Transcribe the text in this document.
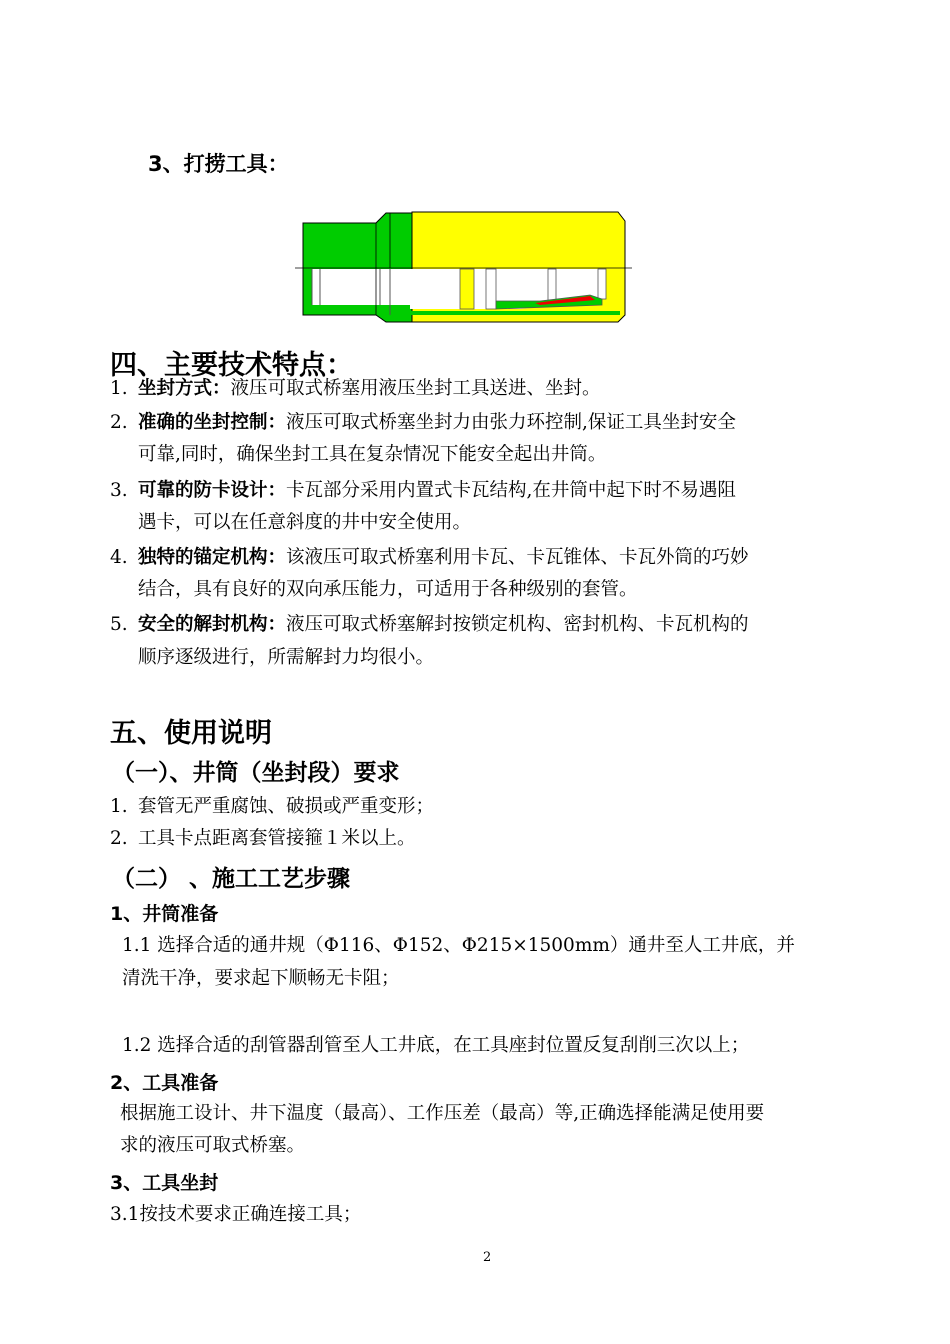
3、打捞工具：
四、主要技术特点：
1. 坐封方式：液压可取式桥塞用液压坐封工具送进、坐封。
2. 准确的坐封控制：液压可取式桥塞坐封力由张力环控制,保证工具坐封安全
可靠,同时，确保坐封工具在复杂情况下能安全起出井筒。
3. 可靠的防卡设计：卡瓦部分采用内置式卡瓦结构,在井筒中起下时不易遇阻
遇卡，可以在任意斜度的井中安全使用。
4. 独特的锚定机构：该液压可取式桥塞利用卡瓦、卡瓦锥体、卡瓦外筒的巧妙
结合，具有良好的双向承压能力，可适用于各种级别的套管。
5. 安全的解封机构：液压可取式桥塞解封按锁定机构、密封机构、卡瓦机构的
顺序逐级进行，所需解封力均很小。
五、使用说明
（一）、井筒（坐封段）要求
1. 套管无严重腐蚀、破损或严重变形；
2. 工具卡点距离套管接箍１米以上。
（二） 、施工工艺步骤
1、井筒准备
1.1 选择合适的通井规（Φ116、Φ152、Φ215×1500mm）通井至人工井底，并
清洗干净，要求起下顺畅无卡阻；
1.2 选择合适的刮管器刮管至人工井底，在工具座封位置反复刮削三次以上；
2、工具准备
根据施工设计、井下温度（最高）、工作压差（最高）等,正确选择能满足使用要
求的液压可取式桥塞。
3、工具坐封
3.1按技术要求正确连接工具；
2
